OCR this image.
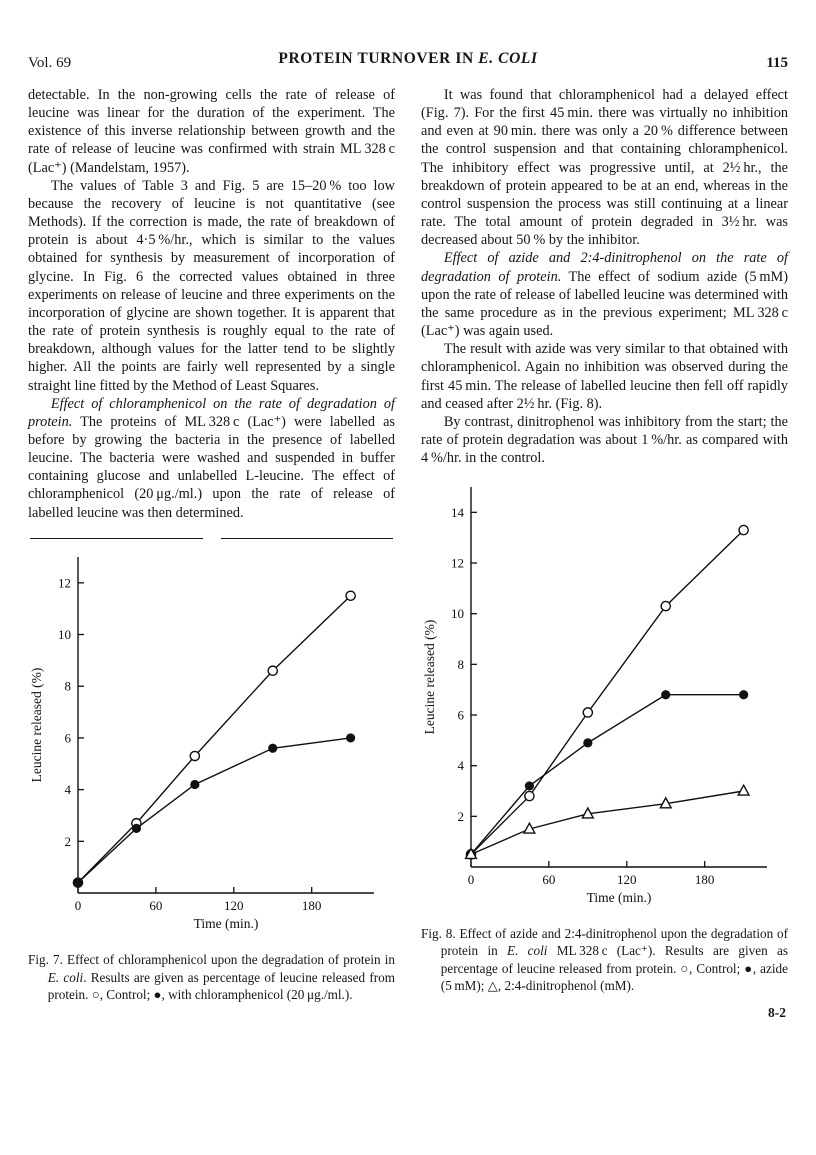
Vol. 69	PROTEIN TURNOVER IN E. COLI	115

detectable. In the non-growing cells the rate of release of leucine was linear for the duration of the experiment. The existence of this inverse relationship between growth and the rate of release of leucine was confirmed with strain ML 328 c (Lac⁺) (Mandelstam, 1957).

The values of Table 3 and Fig. 5 are 15–20 % too low because the recovery of leucine is not quantitative (see Methods). If the correction is made, the rate of breakdown of protein is about 4·5 %/hr., which is similar to the values obtained for synthesis by measurement of incorporation of glycine. In Fig. 6 the corrected values obtained in three experiments on release of leucine and three experiments on the incorporation of glycine are shown together. It is apparent that the rate of protein synthesis is roughly equal to the rate of breakdown, although values for the latter tend to be slightly higher. All the points are fairly well represented by a single straight line fitted by the Method of Least Squares.

Effect of chloramphenicol on the rate of degradation of protein. The proteins of ML 328 c (Lac⁺) were labelled as before by growing the bacteria in the presence of labelled leucine. The bacteria were washed and suspended in buffer containing glucose and unlabelled L-leucine. The effect of chloramphenicol (20 μg./ml.) upon the rate of release of labelled leucine was then determined.

2
4
6
8
10
12
0	60	120	180
Leucine released (%)
Time (min.)
Fig. 7. Effect of chloramphenicol upon the degradation of protein in E. coli. Results are given as percentage of leucine released from protein. ○, Control; ●, with chloramphenicol (20 μg./ml.).

It was found that chloramphenicol had a delayed effect (Fig. 7). For the first 45 min. there was virtually no inhibition and even at 90 min. there was only a 20 % difference between the control suspension and that containing chloramphenicol. The inhibitory effect was progressive until, at 2½ hr., the breakdown of protein appeared to be at an end, whereas in the control suspension the process was still continuing at a linear rate. The total amount of protein degraded in 3½ hr. was decreased about 50 % by the inhibitor.

Effect of azide and 2:4-dinitrophenol on the rate of degradation of protein. The effect of sodium azide (5 mM) upon the rate of release of labelled leucine was determined with the same procedure as in the previous experiment; ML 328 c (Lac⁺) was again used.

The result with azide was very similar to that obtained with chloramphenicol. Again no inhibition was observed during the first 45 min. The release of labelled leucine then fell off rapidly and ceased after 2½ hr. (Fig. 8).

By contrast, dinitrophenol was inhibitory from the start; the rate of protein degradation was about 1 %/hr. as compared with 4 %/hr. in the control.

2
4
6
8
10
12
14
0	60	120	180
Leucine released (%)
Time (min.)
Fig. 8. Effect of azide and 2:4-dinitrophenol upon the degradation of protein in E. coli ML 328 c (Lac⁺). Results are given as percentage of leucine released from protein. ○, Control; ●, azide (5 mM); △, 2:4-dinitrophenol (mM).
8-2
